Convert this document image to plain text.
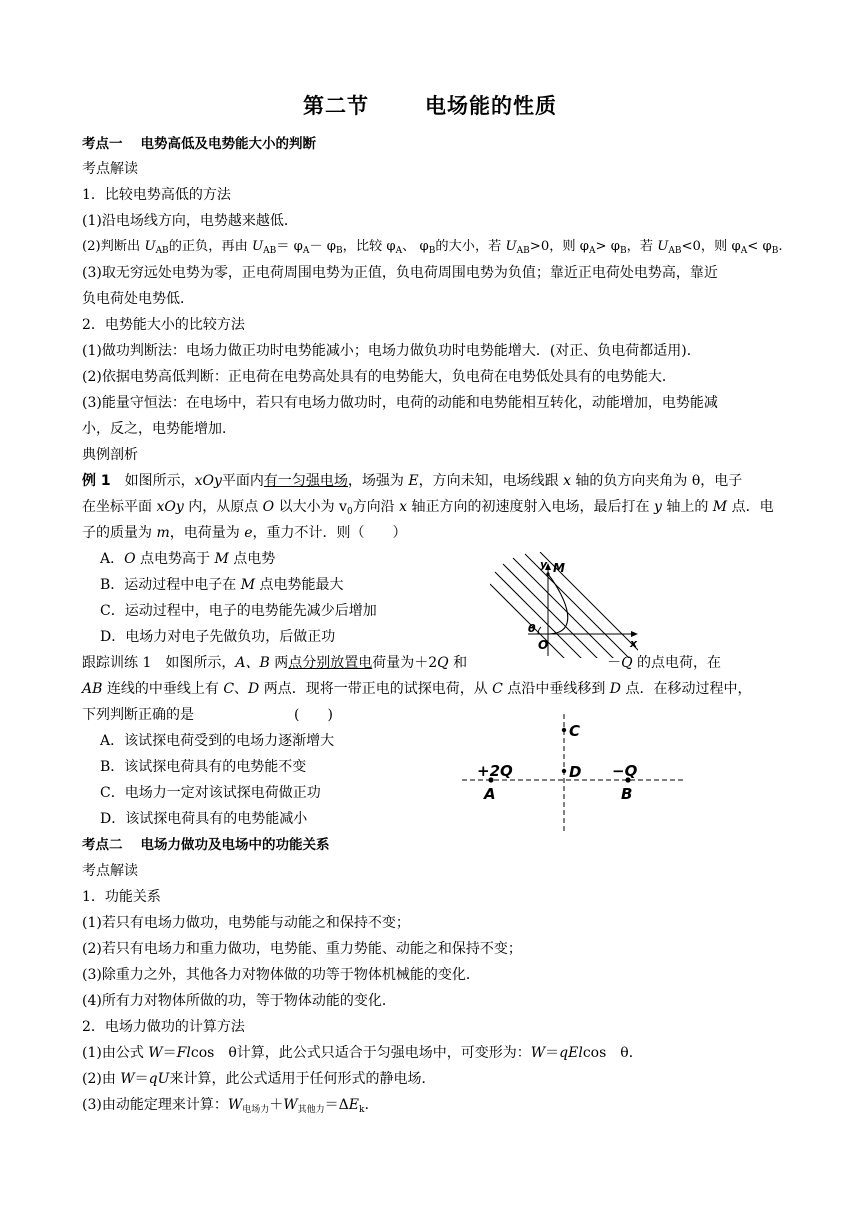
第二节	电场能的性质
考点一 电势高低及电势能大小的判断
考点解读
1．比较电势高低的方法
(1)沿电场线方向，电势越来越低．
(2)判断出 $U_{AB}$的正负，再由 $U_{AB}= \varphi_A- \varphi_B$，比较 $\varphi_A$、 $\varphi_B$的大小，若 $U_{AB}>0$，则 $\varphi_A> \varphi_B$，若 $U_{AB}<0$，则 $\varphi_A< \varphi_B$.
(3)取无穷远处电势为零，正电荷周围电势为正值，负电荷周围电势为负值；靠近正电荷处电势高，靠近
负电荷处电势低．
2．电势能大小的比较方法
(1)做功判断法：电场力做正功时电势能减小；电场力做负功时电势能增大．(对正、负电荷都适用)．
(2)依据电势高低判断：正电荷在电势高处具有的电势能大，负电荷在电势低处具有的电势能大．
(3)能量守恒法：在电场中，若只有电场力做功时，电荷的动能和电势能相互转化，动能增加，电势能减
小，反之，电势能增加．
典例剖析
例 1　 如图所示，xOy平面内有一匀强电场，场强为 E，方向未知，电场线跟 x 轴的负方向夹角为 θ，电子
在坐标平面 xOy 内，从原点 O 以大小为 $v_0$方向沿 x 轴正方向的初速度射入电场，最后打在 y 轴上的 M 点．电
子的质量为 m，电荷量为 e，重力不计．则（　　）
A．O 点电势高于 M 点电势
B．运动过程中电子在 M 点电势能最大
C．运动过程中，电子的电势能先减少后增加
D．电场力对电子先做负功，后做正功
y M
θ
O	x
跟踪训练 1　如图所示，A、B 两点分别放置电荷量为＋2Q 和	－Q 的点电荷，在
AB 连线的中垂线上有 C、D 两点．现将一带正电的试探电荷，从 C 点沿中垂线移到 D 点．在移动过程中，
下列判断正确的是	(　　)
A．该试探电荷受到的电场力逐渐增大
B．该试探电荷具有的电势能不变
C．电场力一定对该试探电荷做正功
D．该试探电荷具有的电势能减小
C
D
+2Q	−Q
A	B
考点二 电场力做功及电场中的功能关系
考点解读
1．功能关系
(1)若只有电场力做功，电势能与动能之和保持不变；
(2)若只有电场力和重力做功，电势能、重力势能、动能之和保持不变；
(3)除重力之外，其他各力对物体做的功等于物体机械能的变化．
(4)所有力对物体所做的功，等于物体动能的变化．
2．电场力做功的计算方法
(1)由公式 W＝Flcos　θ计算，此公式只适合于匀强电场中，可变形为：W＝qElcos　θ．
(2)由 W＝qU来计算，此公式适用于任何形式的静电场．
(3)由动能定理来计算：$W_{电场力}+W_{其他力}=\Delta E_k$.
